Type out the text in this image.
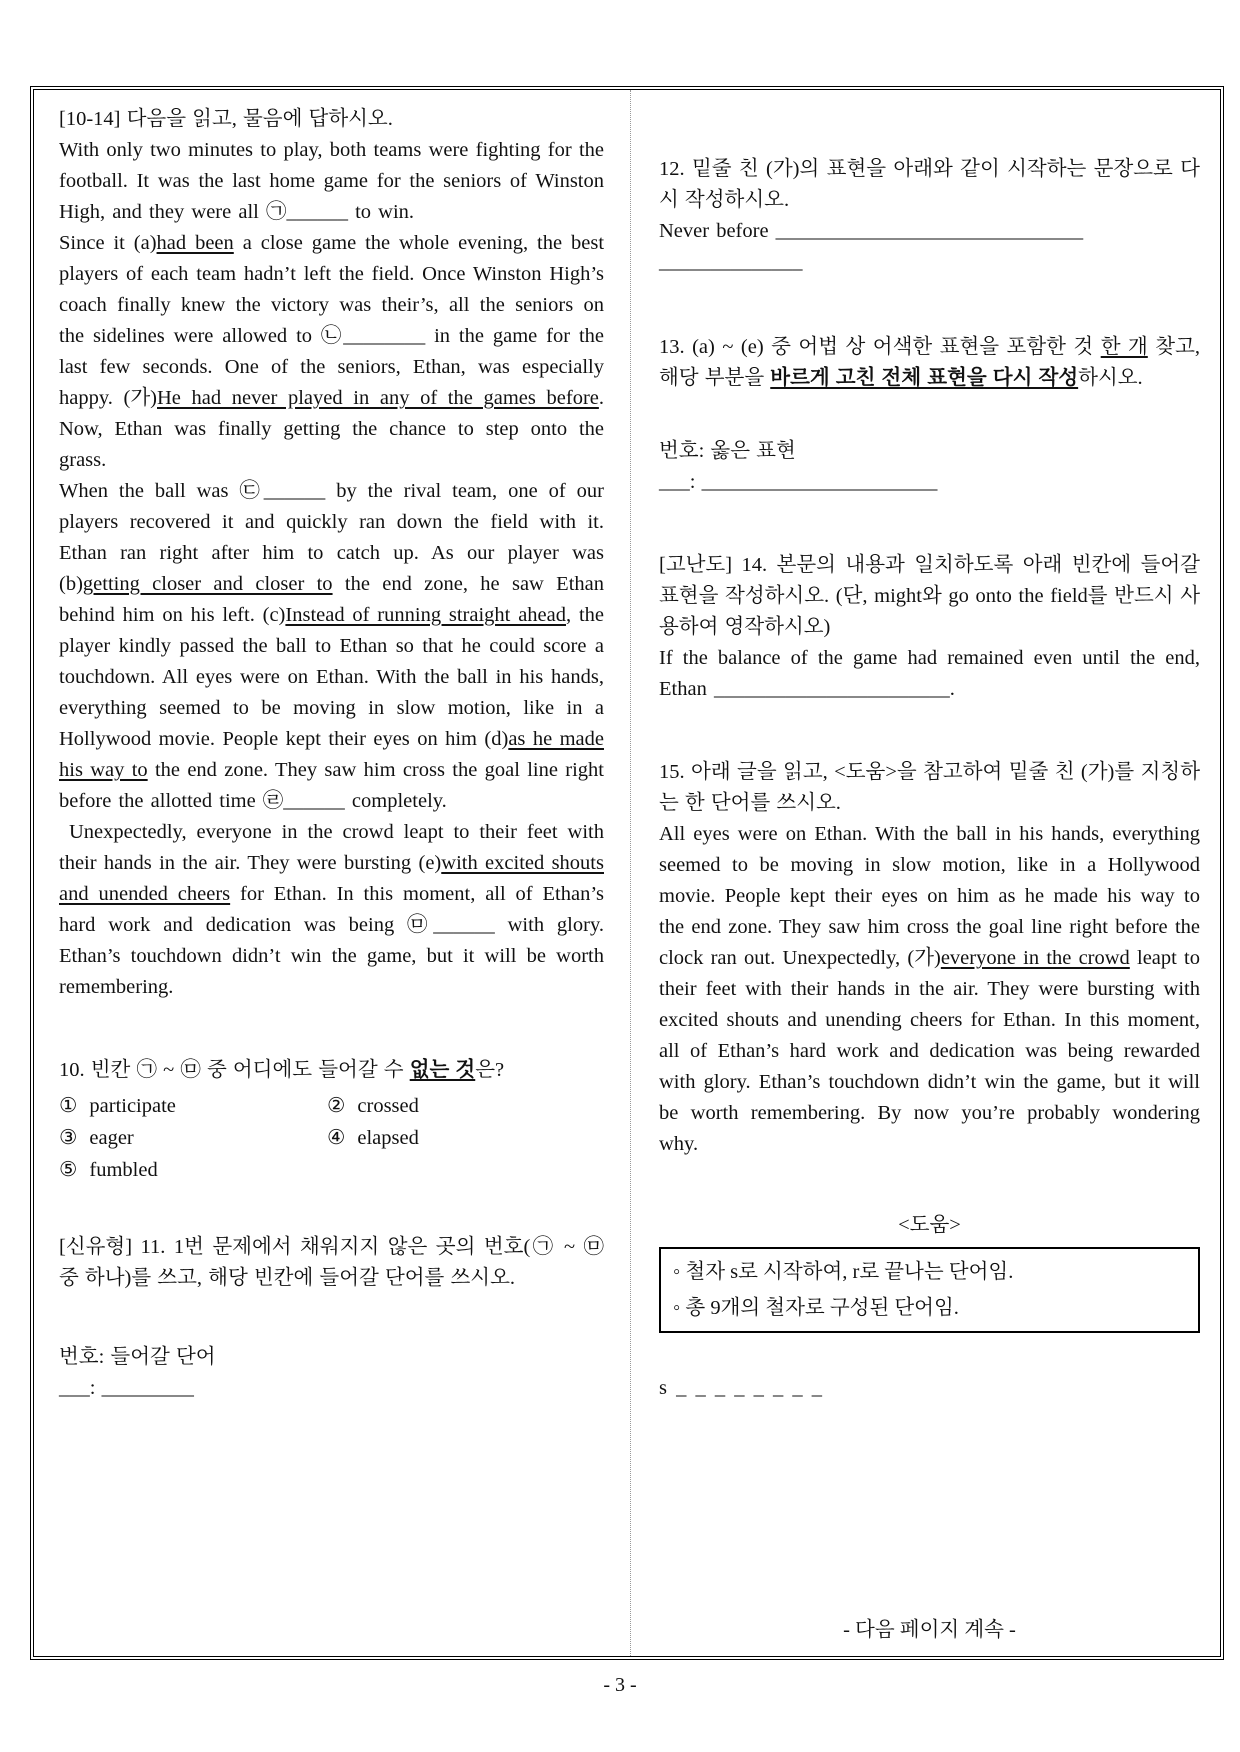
[10-14] 다음을 읽고, 물음에 답하시오.

With only two minutes to play, both teams were fighting for the football. It was the last home game for the seniors of Winston High, and they were all ㉠______ to win.

Since it (a)had been a close game the whole evening, the best players of each team hadn’t left the field. Once Winston High’s coach finally knew the victory was their’s, all the seniors on the sidelines were allowed to ㉡________ in the game for the last few seconds. One of the seniors, Ethan, was especially happy. (가)He had never played in any of the games before. Now, Ethan was finally getting the chance to step onto the grass.

When the ball was ㉢______ by the rival team, one of our players recovered it and quickly ran down the field with it. Ethan ran right after him to catch up. As our player was (b)getting closer and closer to the end zone, he saw Ethan behind him on his left. (c)Instead of running straight ahead, the player kindly passed the ball to Ethan so that he could score a touchdown. All eyes were on Ethan. With the ball in his hands, everything seemed to be moving in slow motion, like in a Hollywood movie. People kept their eyes on him (d)as he made his way to the end zone. They saw him cross the goal line right before the allotted time ㉣______ completely.

Unexpectedly, everyone in the crowd leapt to their feet with their hands in the air. They were bursting (e)with excited shouts and unended cheers for Ethan. In this moment, all of Ethan’s hard work and dedication was being ㉤______ with glory. Ethan’s touchdown didn’t win the game, but it will be worth remembering.

10. 빈칸 ㉠ ~ ㉤ 중 어디에도 들어갈 수 없는 것은?

① participate	② crossed
③ eager	④ elapsed
⑤ fumbled

[신유형] 11. 1번 문제에서 채워지지 않은 곳의 번호(㉠ ~ ㉤ 중 하나)를 쓰고, 해당 빈칸에 들어갈 단어를 쓰시오.

번호: 들어갈 단어

___: _________

12. 밑줄 친 (가)의 표현을 아래와 같이 시작하는 문장으로 다시 작성하시오.

Never before ______________________________

______________

13. (a) ~ (e) 중 어법 상 어색한 표현을 포함한 것 한 개 찾고, 해당 부분을 바르게 고친 전체 표현을 다시 작성하시오.

번호: 옳은 표현

___: _______________________

[고난도] 14. 본문의 내용과 일치하도록 아래 빈칸에 들어갈 표현을 작성하시오. (단, might와 go onto the field를 반드시 사용하여 영작하시오)

If the balance of the game had remained even until the end, Ethan _______________________.

15. 아래 글을 읽고, <도움>을 참고하여 밑줄 친 (가)를 지칭하는 한 단어를 쓰시오.

All eyes were on Ethan. With the ball in his hands, everything seemed to be moving in slow motion, like in a Hollywood movie. People kept their eyes on him as he made his way to the end zone. They saw him cross the goal line right before the clock ran out. Unexpectedly, (가)everyone in the crowd leapt to their feet with their hands in the air. They were bursting with excited shouts and unending cheers for Ethan. In this moment, all of Ethan’s hard work and dedication was being rewarded with glory. Ethan’s touchdown didn’t win the game, but it will be worth remembering. By now you’re probably wondering why.

<도움>

◦ 철자 s로 시작하여, r로 끝나는 단어임.

◦ 총 9개의 철자로 구성된 단어임.

s _ _ _ _ _ _ _ _

- 다음 페이지 계속 -

- 3 -
